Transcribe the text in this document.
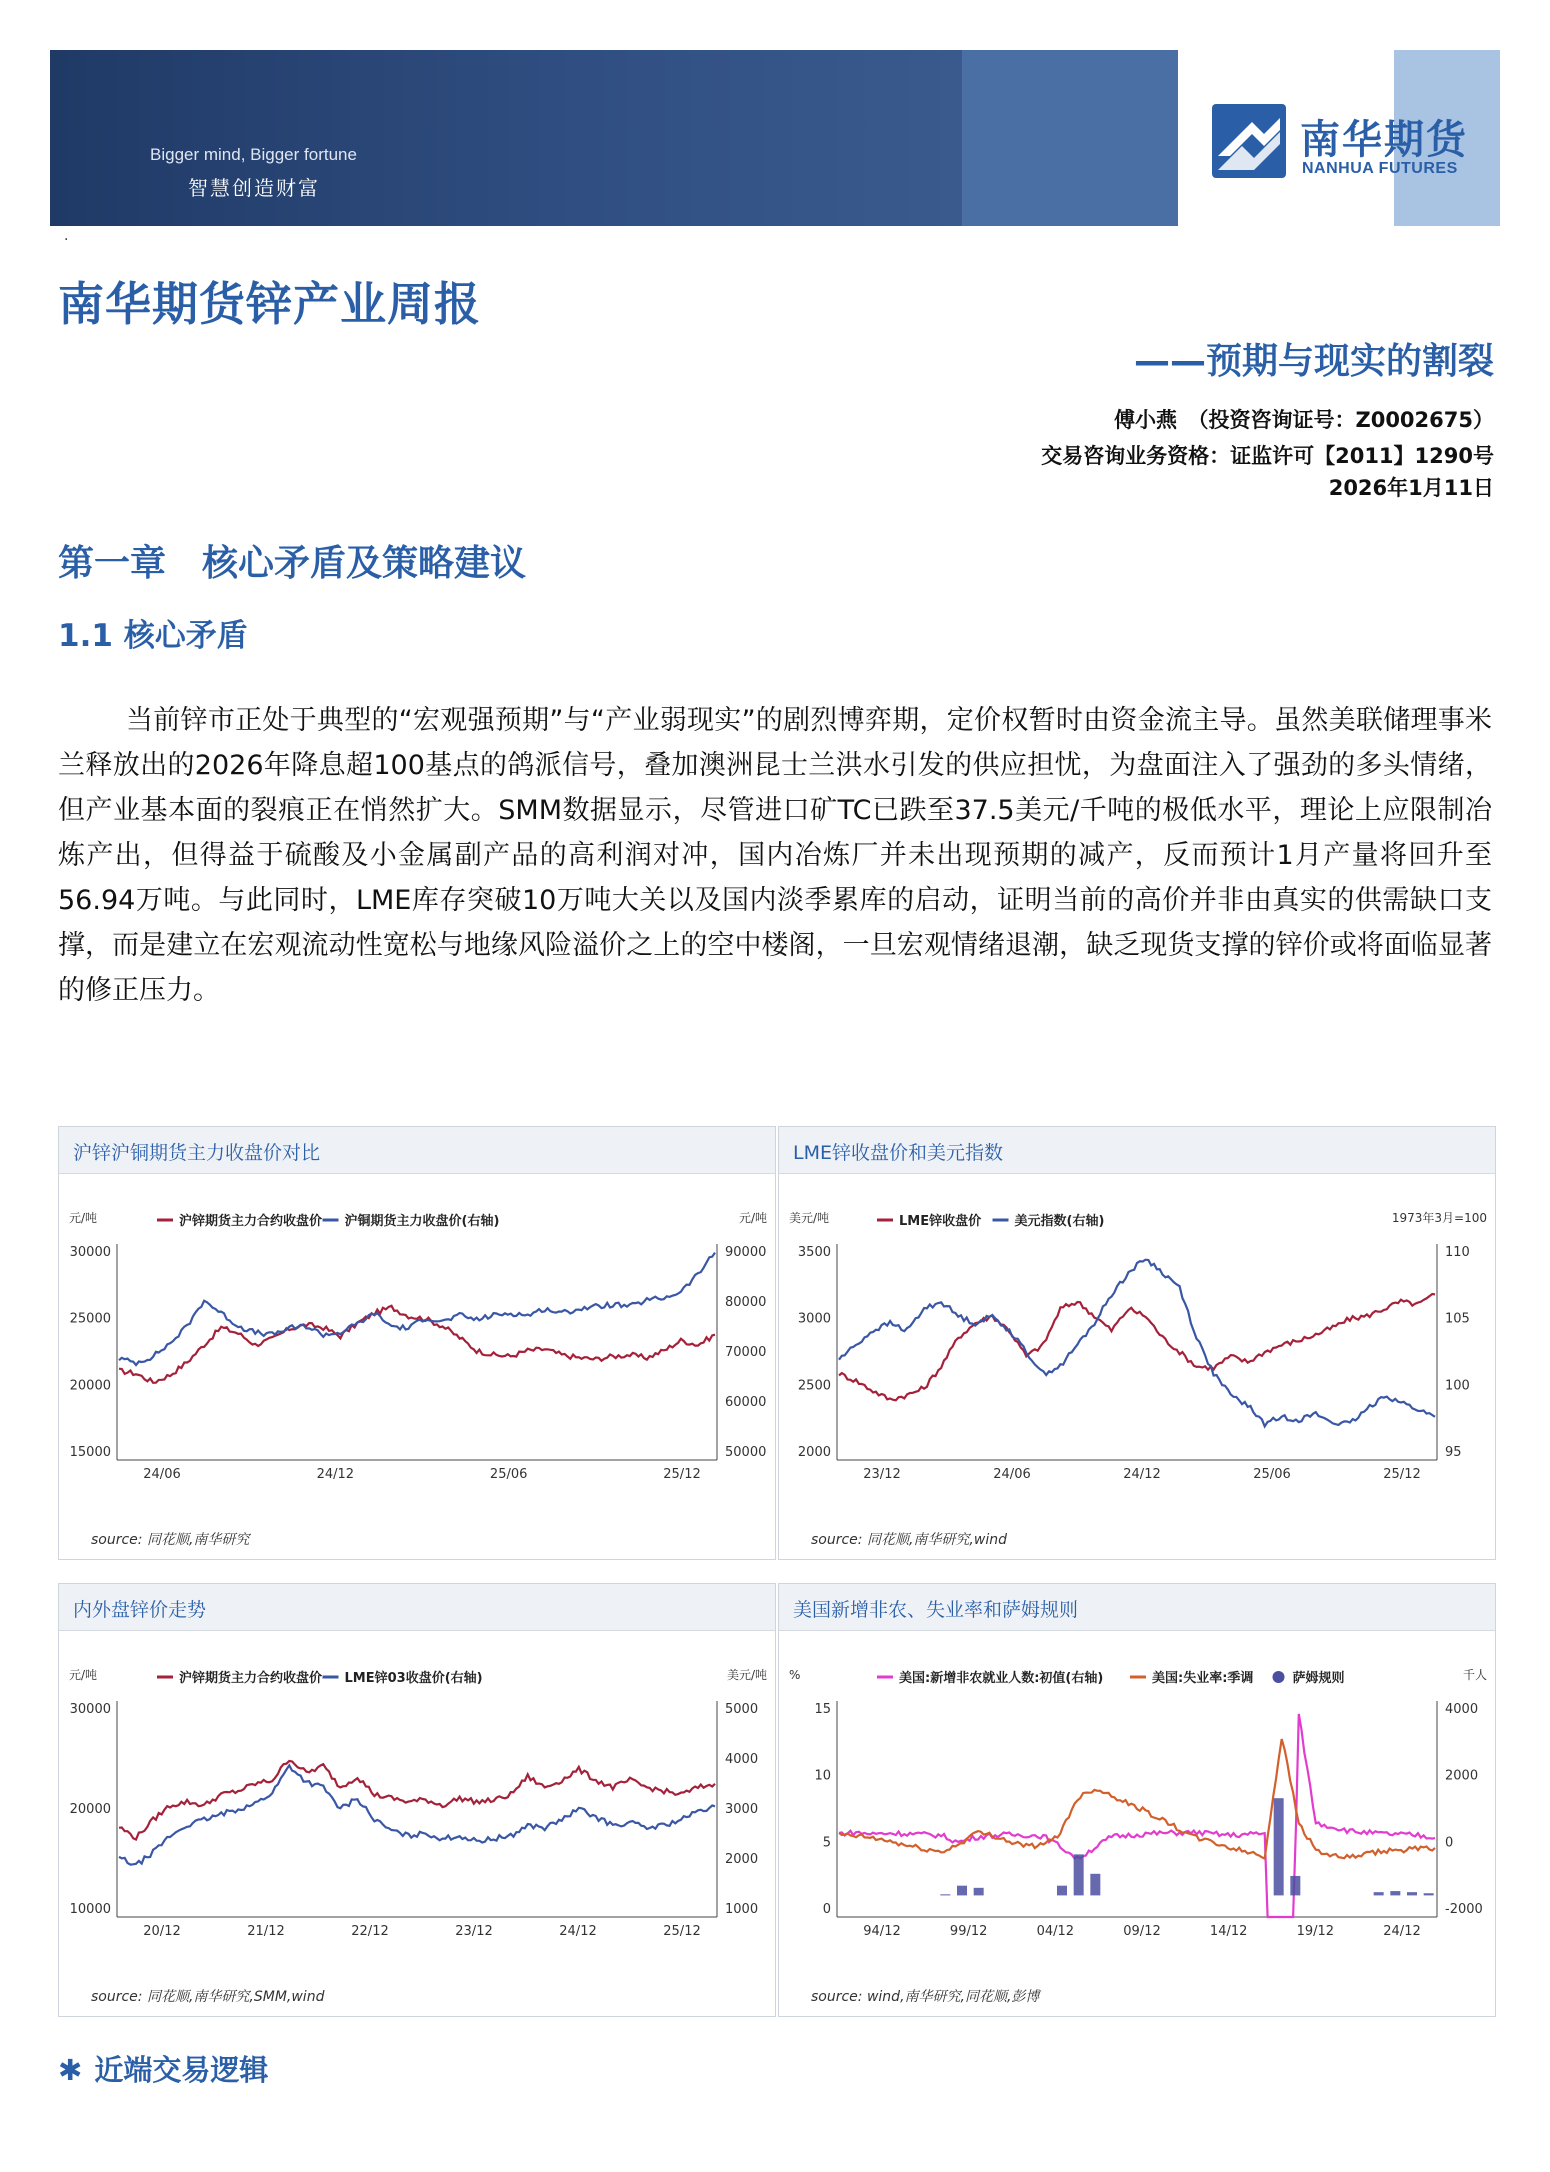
Bigger mind, Bigger fortune
智慧创造财富
南华期货
NANHUA FUTURES
·
南华期货锌产业周报
——预期与现实的割裂
傅小燕　（投资咨询证号：Z0002675）
交易咨询业务资格：证监许可【2011】1290号
2026年1月11日
第一章　核心矛盾及策略建议
1.1 核心矛盾
当前锌市正处于典型的“宏观强预期”与“产业弱现实”的剧烈博弈期，定价权暂时由资金流主导。虽然美联储理事米兰释放出的2026年降息超100基点的鸽派信号，叠加澳洲昆士兰洪水引发的供应担忧，为盘面注入了强劲的多头情绪，但产业基本面的裂痕正在悄然扩大。SMM数据显示，尽管进口矿TC已跌至37.5美元/千吨的极低水平，理论上应限制冶炼产出，但得益于硫酸及小金属副产品的高利润对冲，国内冶炼厂并未出现预期的减产，反而预计1月产量将回升至56.94万吨。与此同时，LME库存突破10万吨大关以及国内淡季累库的启动，证明当前的高价并非由真实的供需缺口支撑，而是建立在宏观流动性宽松与地缘风险溢价之上的空中楼阁，一旦宏观情绪退潮，缺乏现货支撑的锌价或将面临显著的修正压力。
沪锌沪铜期货主力收盘价对比
元/吨	元/吨
30000
25000
20000
15000
90000
80000
70000
60000
50000
24/06	24/12	25/06	25/12
沪锌期货主力合约收盘价 沪铜期货主力收盘价(右轴)
source: 同花顺,南华研究
LME锌收盘价和美元指数
美元/吨	1973年3月=100
3500
3000
2500
2000
110
105
100
95
23/12	24/06	24/12	25/06	25/12
LME锌收盘价	美元指数(右轴)
source: 同花顺,南华研究,wind
内外盘锌价走势
元/吨	美元/吨
30000
20000
10000
5000
4000
3000
2000
1000
20/12	21/12	22/12	23/12	24/12	25/12
沪锌期货主力合约收盘价 LME锌03收盘价(右轴)
source: 同花顺,南华研究,SMM,wind
美国新增非农、失业率和萨姆规则
%	千人
15
10
5
0
4000
2000
0
-2000
94/12	99/12	04/12	09/12	14/12	19/12	24/12
美国:新增非农就业人数:初值(右轴)	美国:失业率:季调	萨姆规则
source: wind,南华研究,同花顺,彭博
✱ 近端交易逻辑
